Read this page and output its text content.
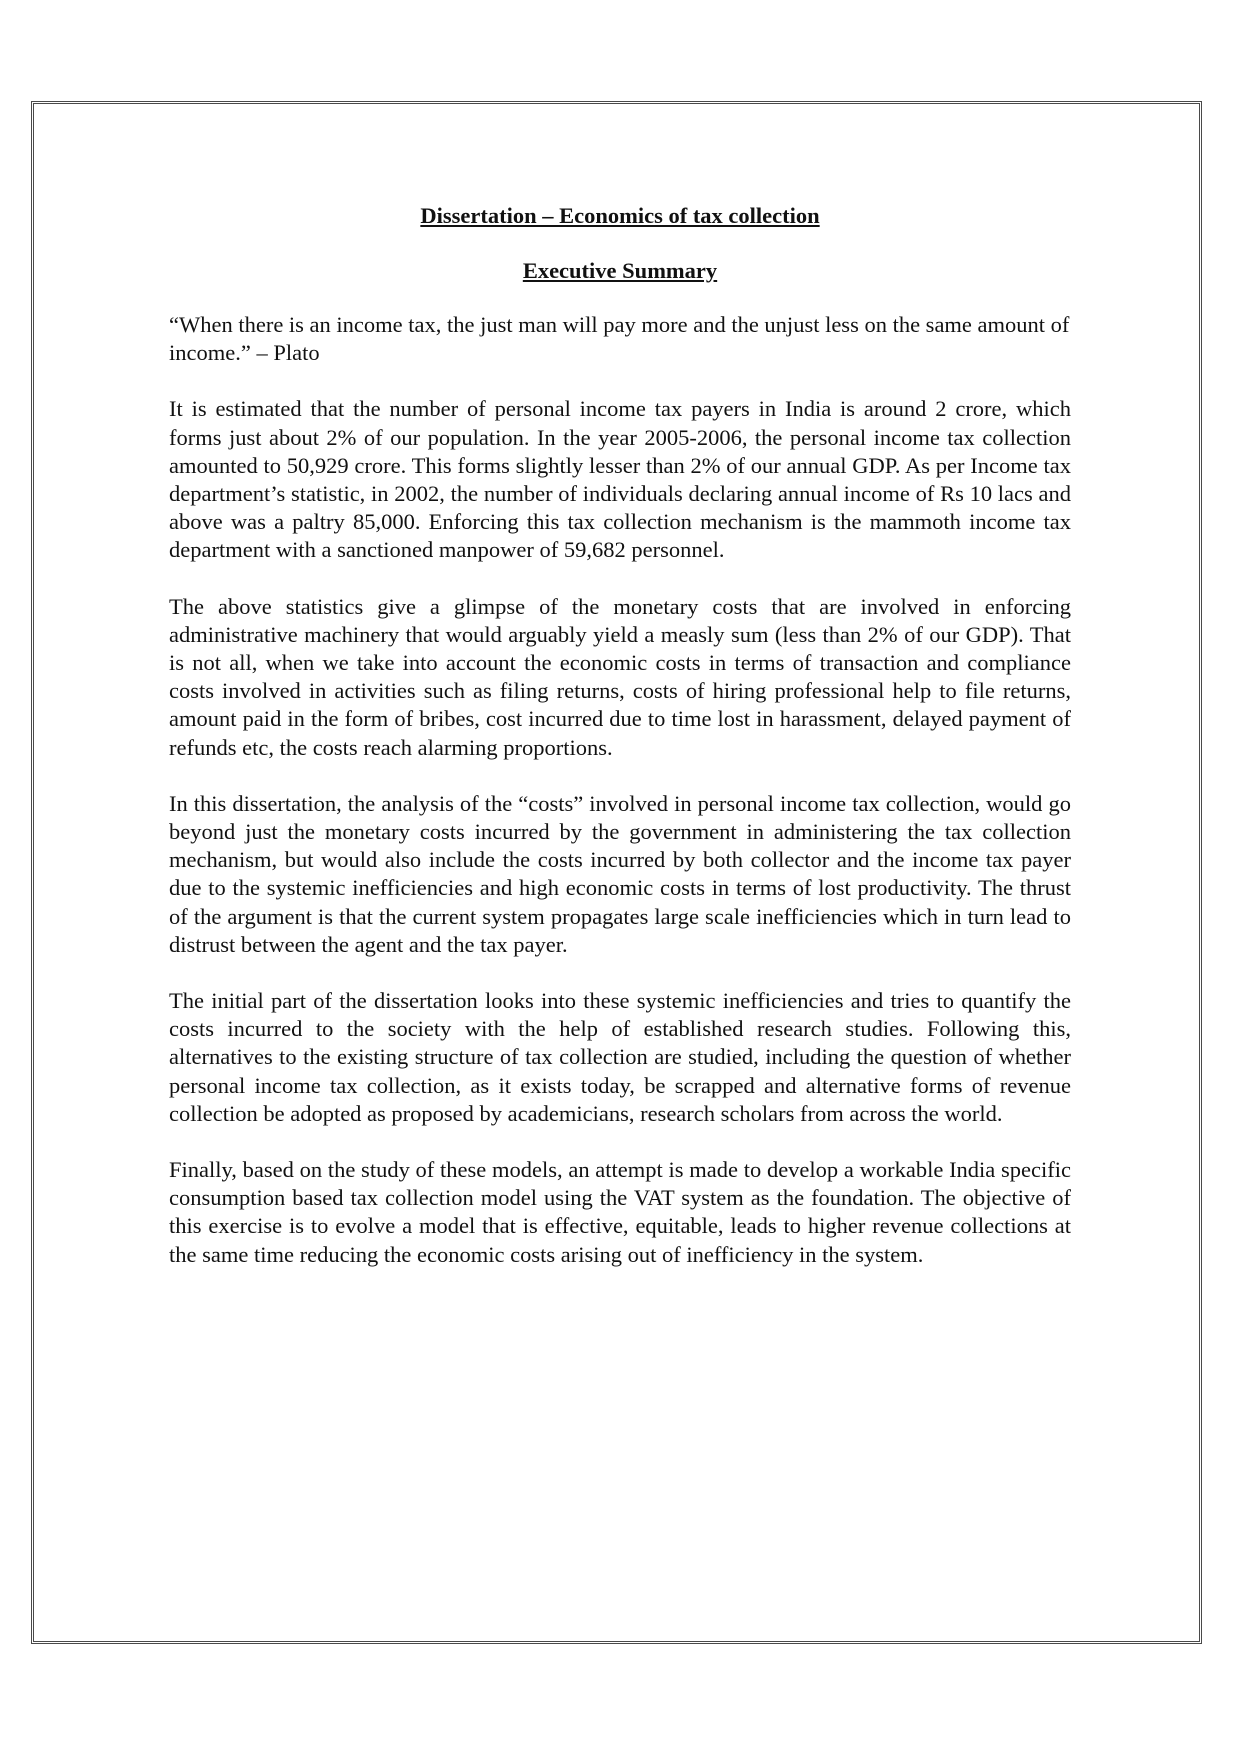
Dissertation – Economics of tax collection
Executive Summary

“When there is an income tax, the just man will pay more and the unjust less on the same amount of income.” – Plato

It is estimated that the number of personal income tax payers in India is around 2 crore, which forms just about 2% of our population. In the year 2005-2006, the personal income tax collection amounted to 50,929 crore. This forms slightly lesser than 2% of our annual GDP. As per Income tax department’s statistic, in 2002, the number of individuals declaring annual income of Rs 10 lacs and above was a paltry 85,000. Enforcing this tax collection mechanism is the mammoth income tax department with a sanctioned manpower of 59,682 personnel.

The above statistics give a glimpse of the monetary costs that are involved in enforcing administrative machinery that would arguably yield a measly sum (less than 2% of our GDP). That is not all, when we take into account the economic costs in terms of transaction and compliance costs involved in activities such as filing returns, costs of hiring professional help to file returns, amount paid in the form of bribes, cost incurred due to time lost in harassment, delayed payment of refunds etc, the costs reach alarming proportions.

In this dissertation, the analysis of the “costs” involved in personal income tax collection, would go beyond just the monetary costs incurred by the government in administering the tax collection mechanism, but would also include the costs incurred by both collector and the income tax payer due to the systemic inefficiencies and high economic costs in terms of lost productivity. The thrust of the argument is that the current system propagates large scale inefficiencies which in turn lead to distrust between the agent and the tax payer.

The initial part of the dissertation looks into these systemic inefficiencies and tries to quantify the costs incurred to the society with the help of established research studies. Following this, alternatives to the existing structure of tax collection are studied, including the question of whether personal income tax collection, as it exists today, be scrapped and alternative forms of revenue collection be adopted as proposed by academicians, research scholars from across the world.

Finally, based on the study of these models, an attempt is made to develop a workable India specific consumption based tax collection model using the VAT system as the foundation. The objective of this exercise is to evolve a model that is effective, equitable, leads to higher revenue collections at the same time reducing the economic costs arising out of inefficiency in the system.
